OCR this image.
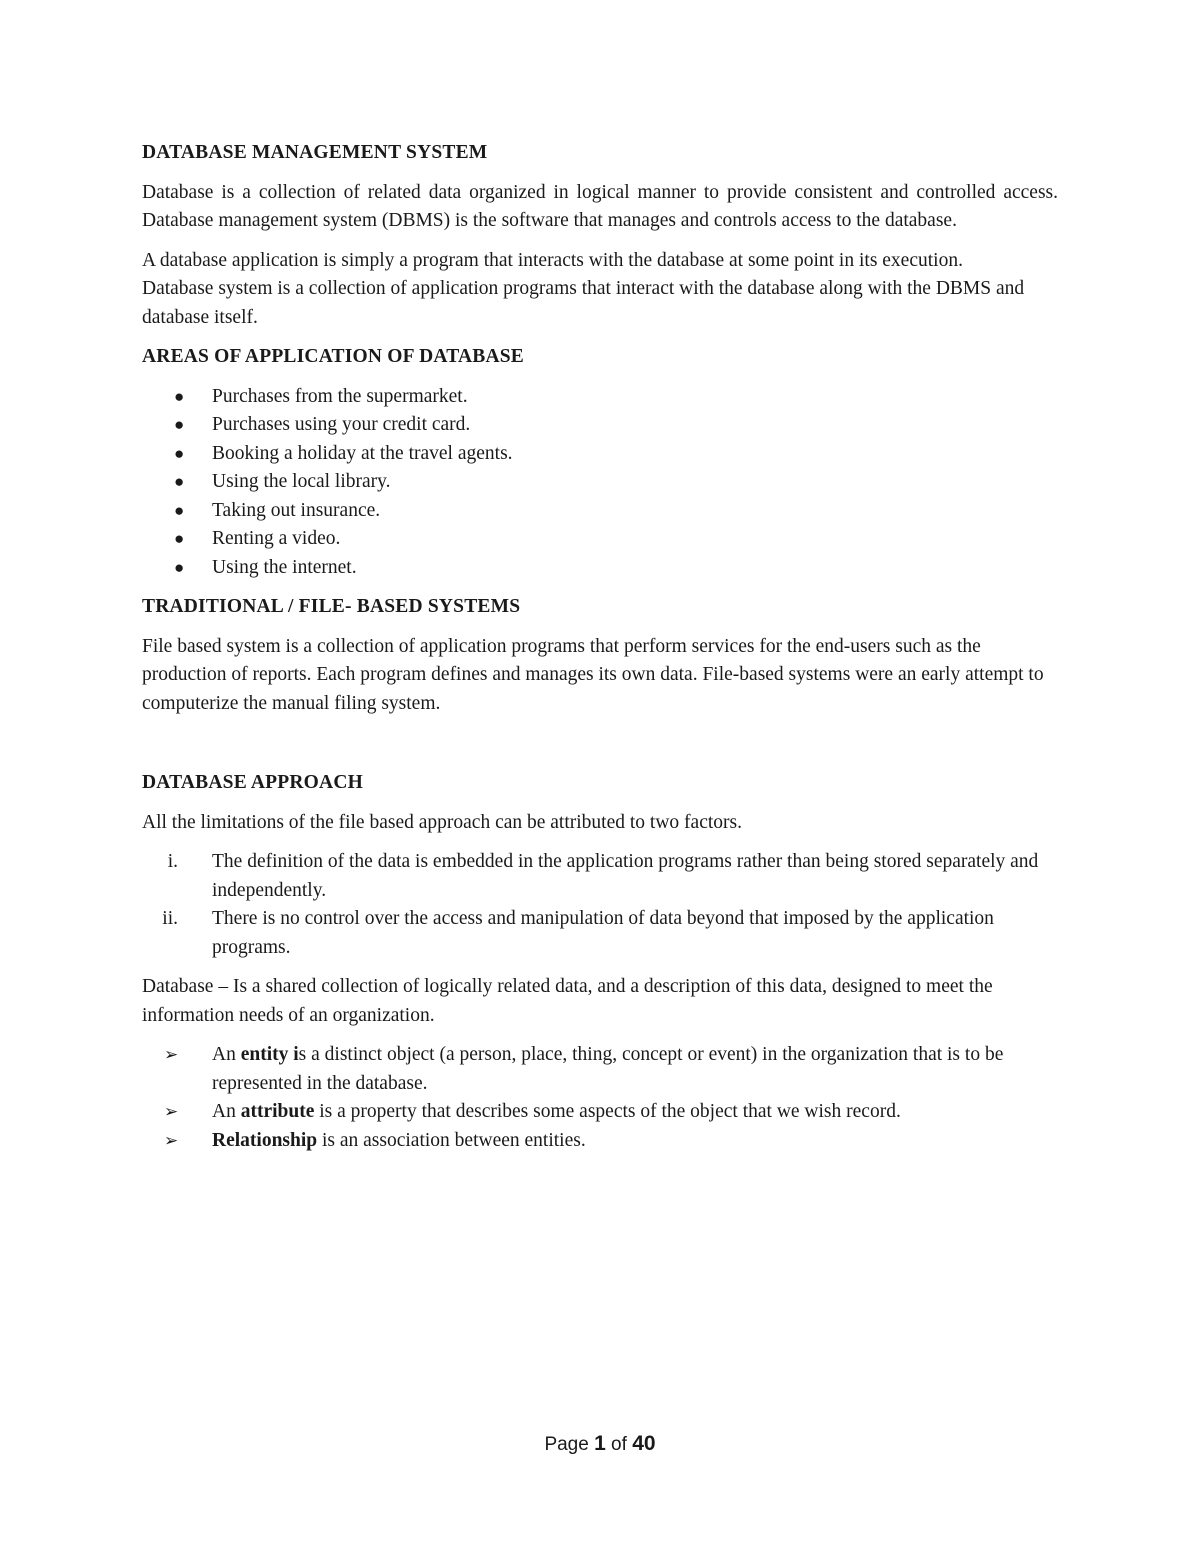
DATABASE MANAGEMENT SYSTEM

Database is a collection of related data organized in logical manner to provide consistent and controlled access. Database management system (DBMS) is the software that manages and controls access to the database.

A database application is simply a program that interacts with the database at some point in its execution.
Database system is a collection of application programs that interact with the database along with the DBMS and database itself.

AREAS OF APPLICATION OF DATABASE
●	Purchases from the supermarket.
●	Purchases using your credit card.
●	Booking a holiday at the travel agents.
●	Using the local library.
●	Taking out insurance.
●	Renting a video.
●	Using the internet.
TRADITIONAL / FILE- BASED SYSTEMS

File based system is a collection of application programs that perform services for the end-users such as the production of reports. Each program defines and manages its own data. File-based systems were an early attempt to computerize the manual filing system.

DATABASE APPROACH

All the limitations of the file based approach can be attributed to two factors.

i. The definition of the data is embedded in the application programs rather than being stored separately and independently.
ii. There is no control over the access and manipulation of data beyond that imposed by the application programs.

Database – Is a shared collection of logically related data, and a description of this data, designed to meet the information needs of an organization.

➢	An entity is a distinct object (a person, place, thing, concept or event) in the organization that is to be represented in the database.
➢	An attribute is a property that describes some aspects of the object that we wish record.
➢	Relationship is an association between entities.
Page 1 of 40
